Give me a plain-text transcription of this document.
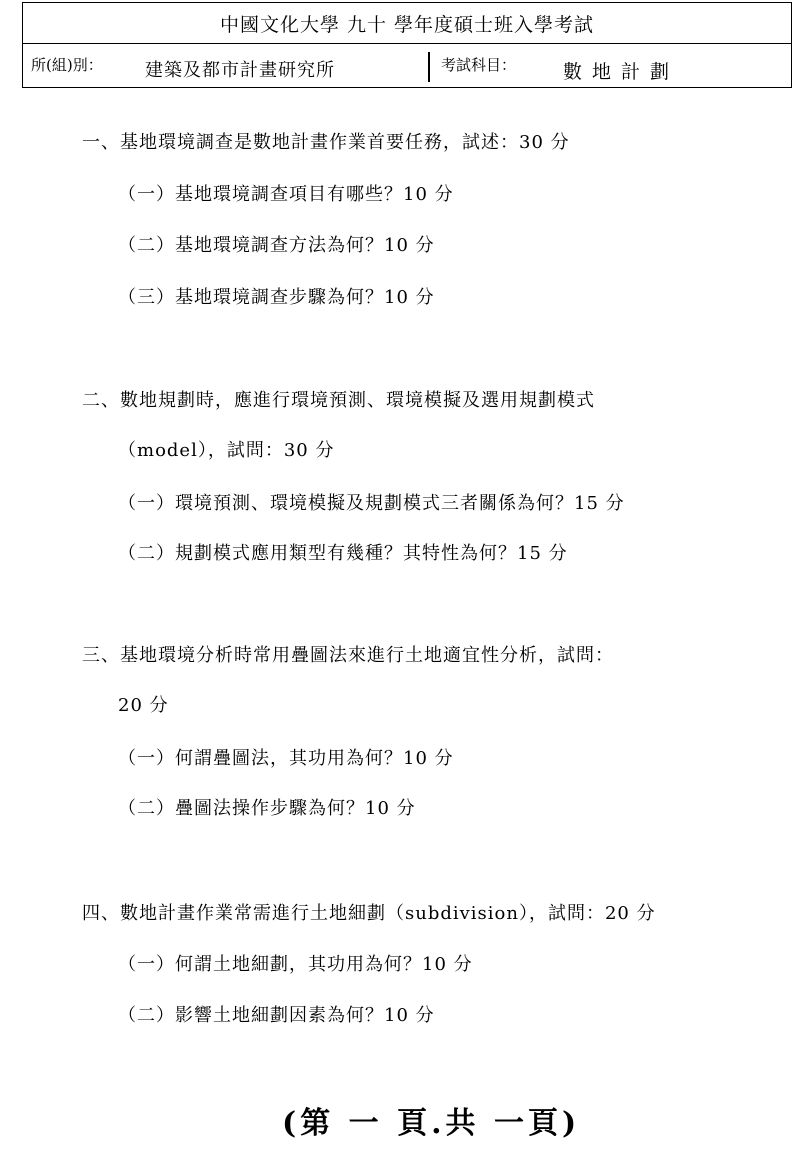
中國文化大學 九十 學年度碩士班入學考試
所(組)別： 建築及都市計畫研究所	考試科目： 數地計劃
一、基地環境調查是數地計畫作業首要任務，試述：30 分
（一）基地環境調查項目有哪些？10 分
（二）基地環境調查方法為何？10 分
（三）基地環境調查步驟為何？10 分
二、數地規劃時，應進行環境預測、環境模擬及選用規劃模式
（model），試問：30 分
（一）環境預測、環境模擬及規劃模式三者關係為何？15 分
（二）規劃模式應用類型有幾種？其特性為何？15 分
三、基地環境分析時常用疊圖法來進行土地適宜性分析，試問：
20 分
（一）何謂疊圖法，其功用為何？10 分
（二）疊圖法操作步驟為何？10 分
四、數地計畫作業常需進行土地細劃（subdivision），試問：20 分
（一）何謂土地細劃，其功用為何？10 分
（二）影響土地細劃因素為何？10 分
(第 一 頁.共 一頁)
